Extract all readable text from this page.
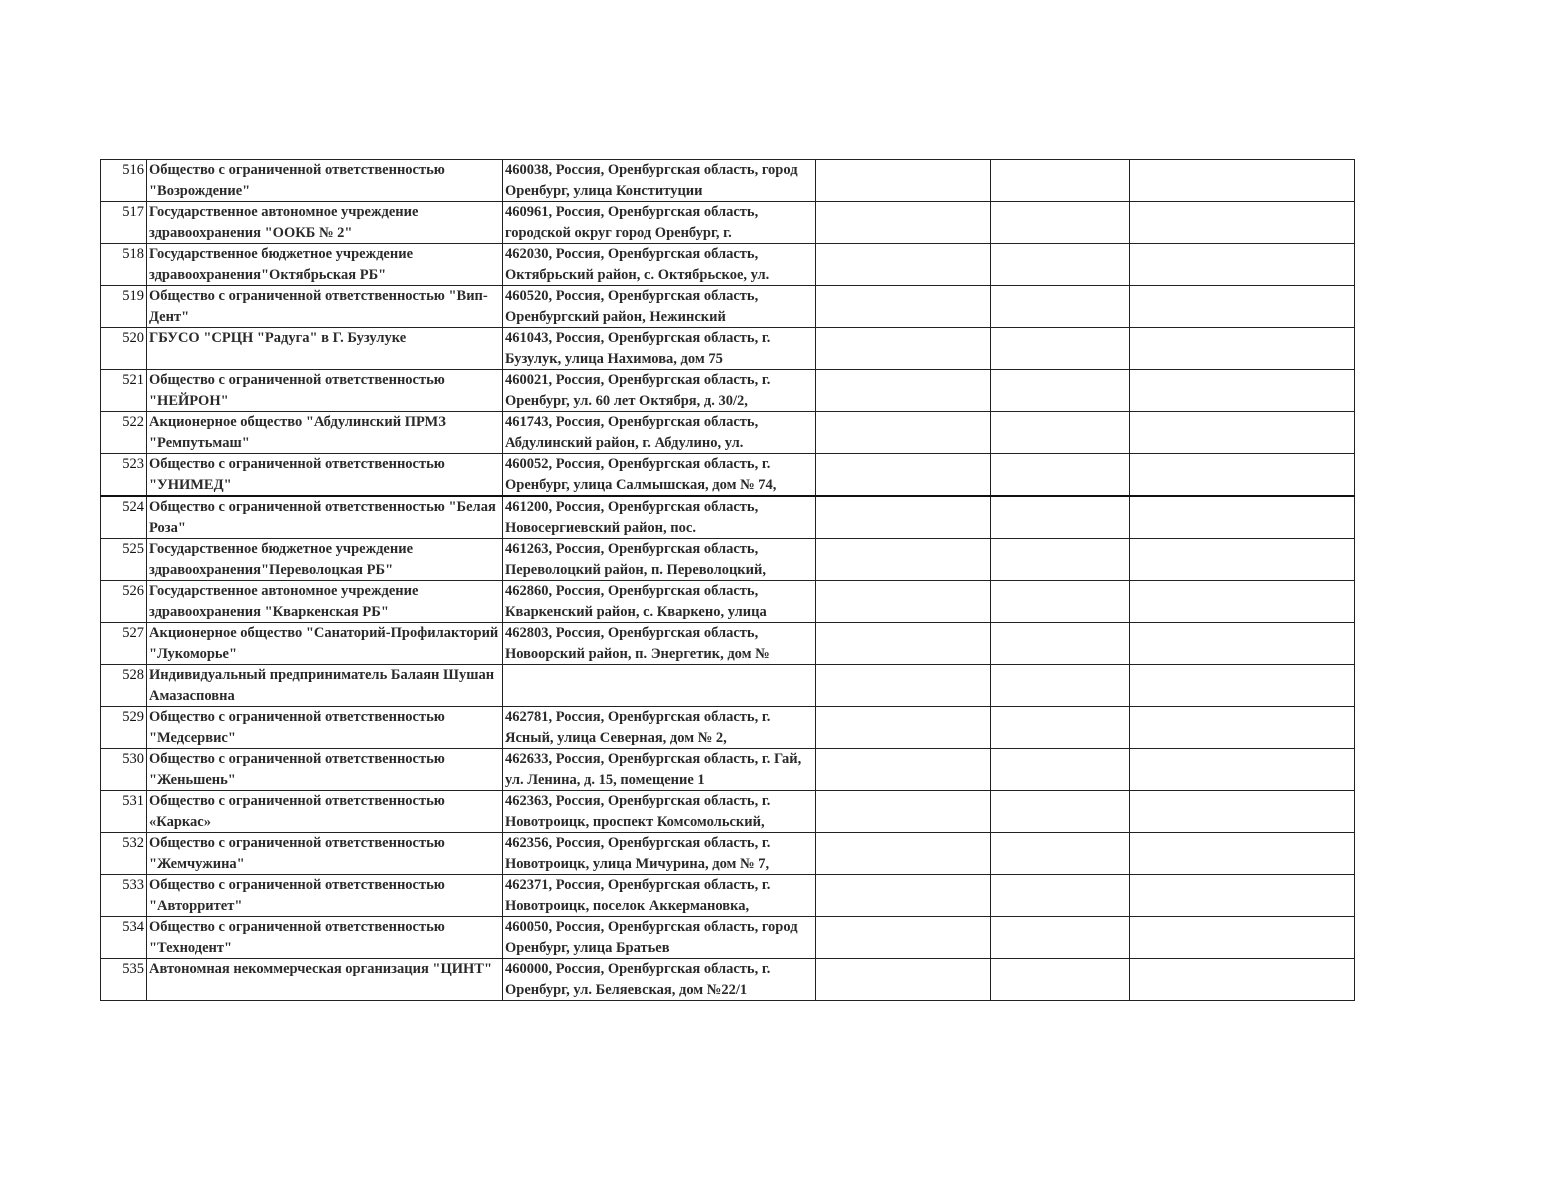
516	Общество с ограниченной ответственностью "Возрождение"	460038, Россия, Оренбургская область, город Оренбург, улица Конституции			

517	Государственное автономное учреждение здравоохранения "ООКБ № 2"	460961, Россия, Оренбургская область, городской округ город Оренбург, г.			

518	Государственное бюджетное учреждение здравоохранения"Октябрьская РБ"	462030, Россия, Оренбургская область, Октябрьский район, с. Октябрьское, ул.			

519	Общество с ограниченной ответственностью "Вип-Дент"	460520, Россия, Оренбургская область, Оренбургский район, Нежинский			

520	ГБУСО "СРЦН "Радуга" в Г. Бузулуке	461043, Россия, Оренбургская область, г. Бузулук, улица Нахимова, дом 75			

521	Общество с ограниченной ответственностью "НЕЙРОН"	460021, Россия, Оренбургская область, г. Оренбург, ул. 60 лет Октября, д. 30/2,			

522	Акционерное общество "Абдулинский ПРМЗ "Ремпутьмаш"	461743, Россия, Оренбургская область, Абдулинский район, г. Абдулино, ул.			

523	Общество с ограниченной ответственностью "УНИМЕД"	460052, Россия, Оренбургская область, г. Оренбург, улица Салмышская, дом № 74,			

524	Общество с ограниченной ответственностью "Белая Роза"	461200, Россия, Оренбургская область, Новосергиевский район, пос.			

525	Государственное бюджетное учреждение здравоохранения"Переволоцкая РБ"	461263, Россия, Оренбургская область, Переволоцкий район, п. Переволоцкий,			

526	Государственное автономное учреждение здравоохранения "Кваркенская РБ"	462860, Россия, Оренбургская область, Кваркенский район, с. Кваркено, улица			

527	Акционерное общество "Санаторий-Профилакторий "Лукоморье"	462803, Россия, Оренбургская область, Новоорский район, п. Энергетик, дом №			

528	Индивидуальный предприниматель Балаян Шушан Амазасповна				

529	Общество с ограниченной ответственностью "Медсервис"	462781, Россия, Оренбургская область, г. Ясный, улица Северная, дом № 2,			

530	Общество с ограниченной ответственностью "Женьшень"	462633, Россия, Оренбургская область, г. Гай, ул. Ленина, д. 15, помещение 1			

531	Общество с ограниченной ответственностью «Каркас»	462363, Россия, Оренбургская область, г. Новотроицк, проспект Комсомольский,			

532	Общество с ограниченной ответственностью "Жемчужина"	462356, Россия, Оренбургская область, г. Новотроицк, улица Мичурина, дом № 7,			

533	Общество с ограниченной ответственностью "Авторритет"	462371, Россия, Оренбургская область, г. Новотроицк, поселок Аккермановка,			

534	Общество с ограниченной ответственностью "Технодент"	460050, Россия, Оренбургская область, город Оренбург, улица Братьев			

535	Автономная некоммерческая организация "ЦИНТ"	460000, Россия, Оренбургская область, г. Оренбург, ул. Беляевская, дом №22/1			
